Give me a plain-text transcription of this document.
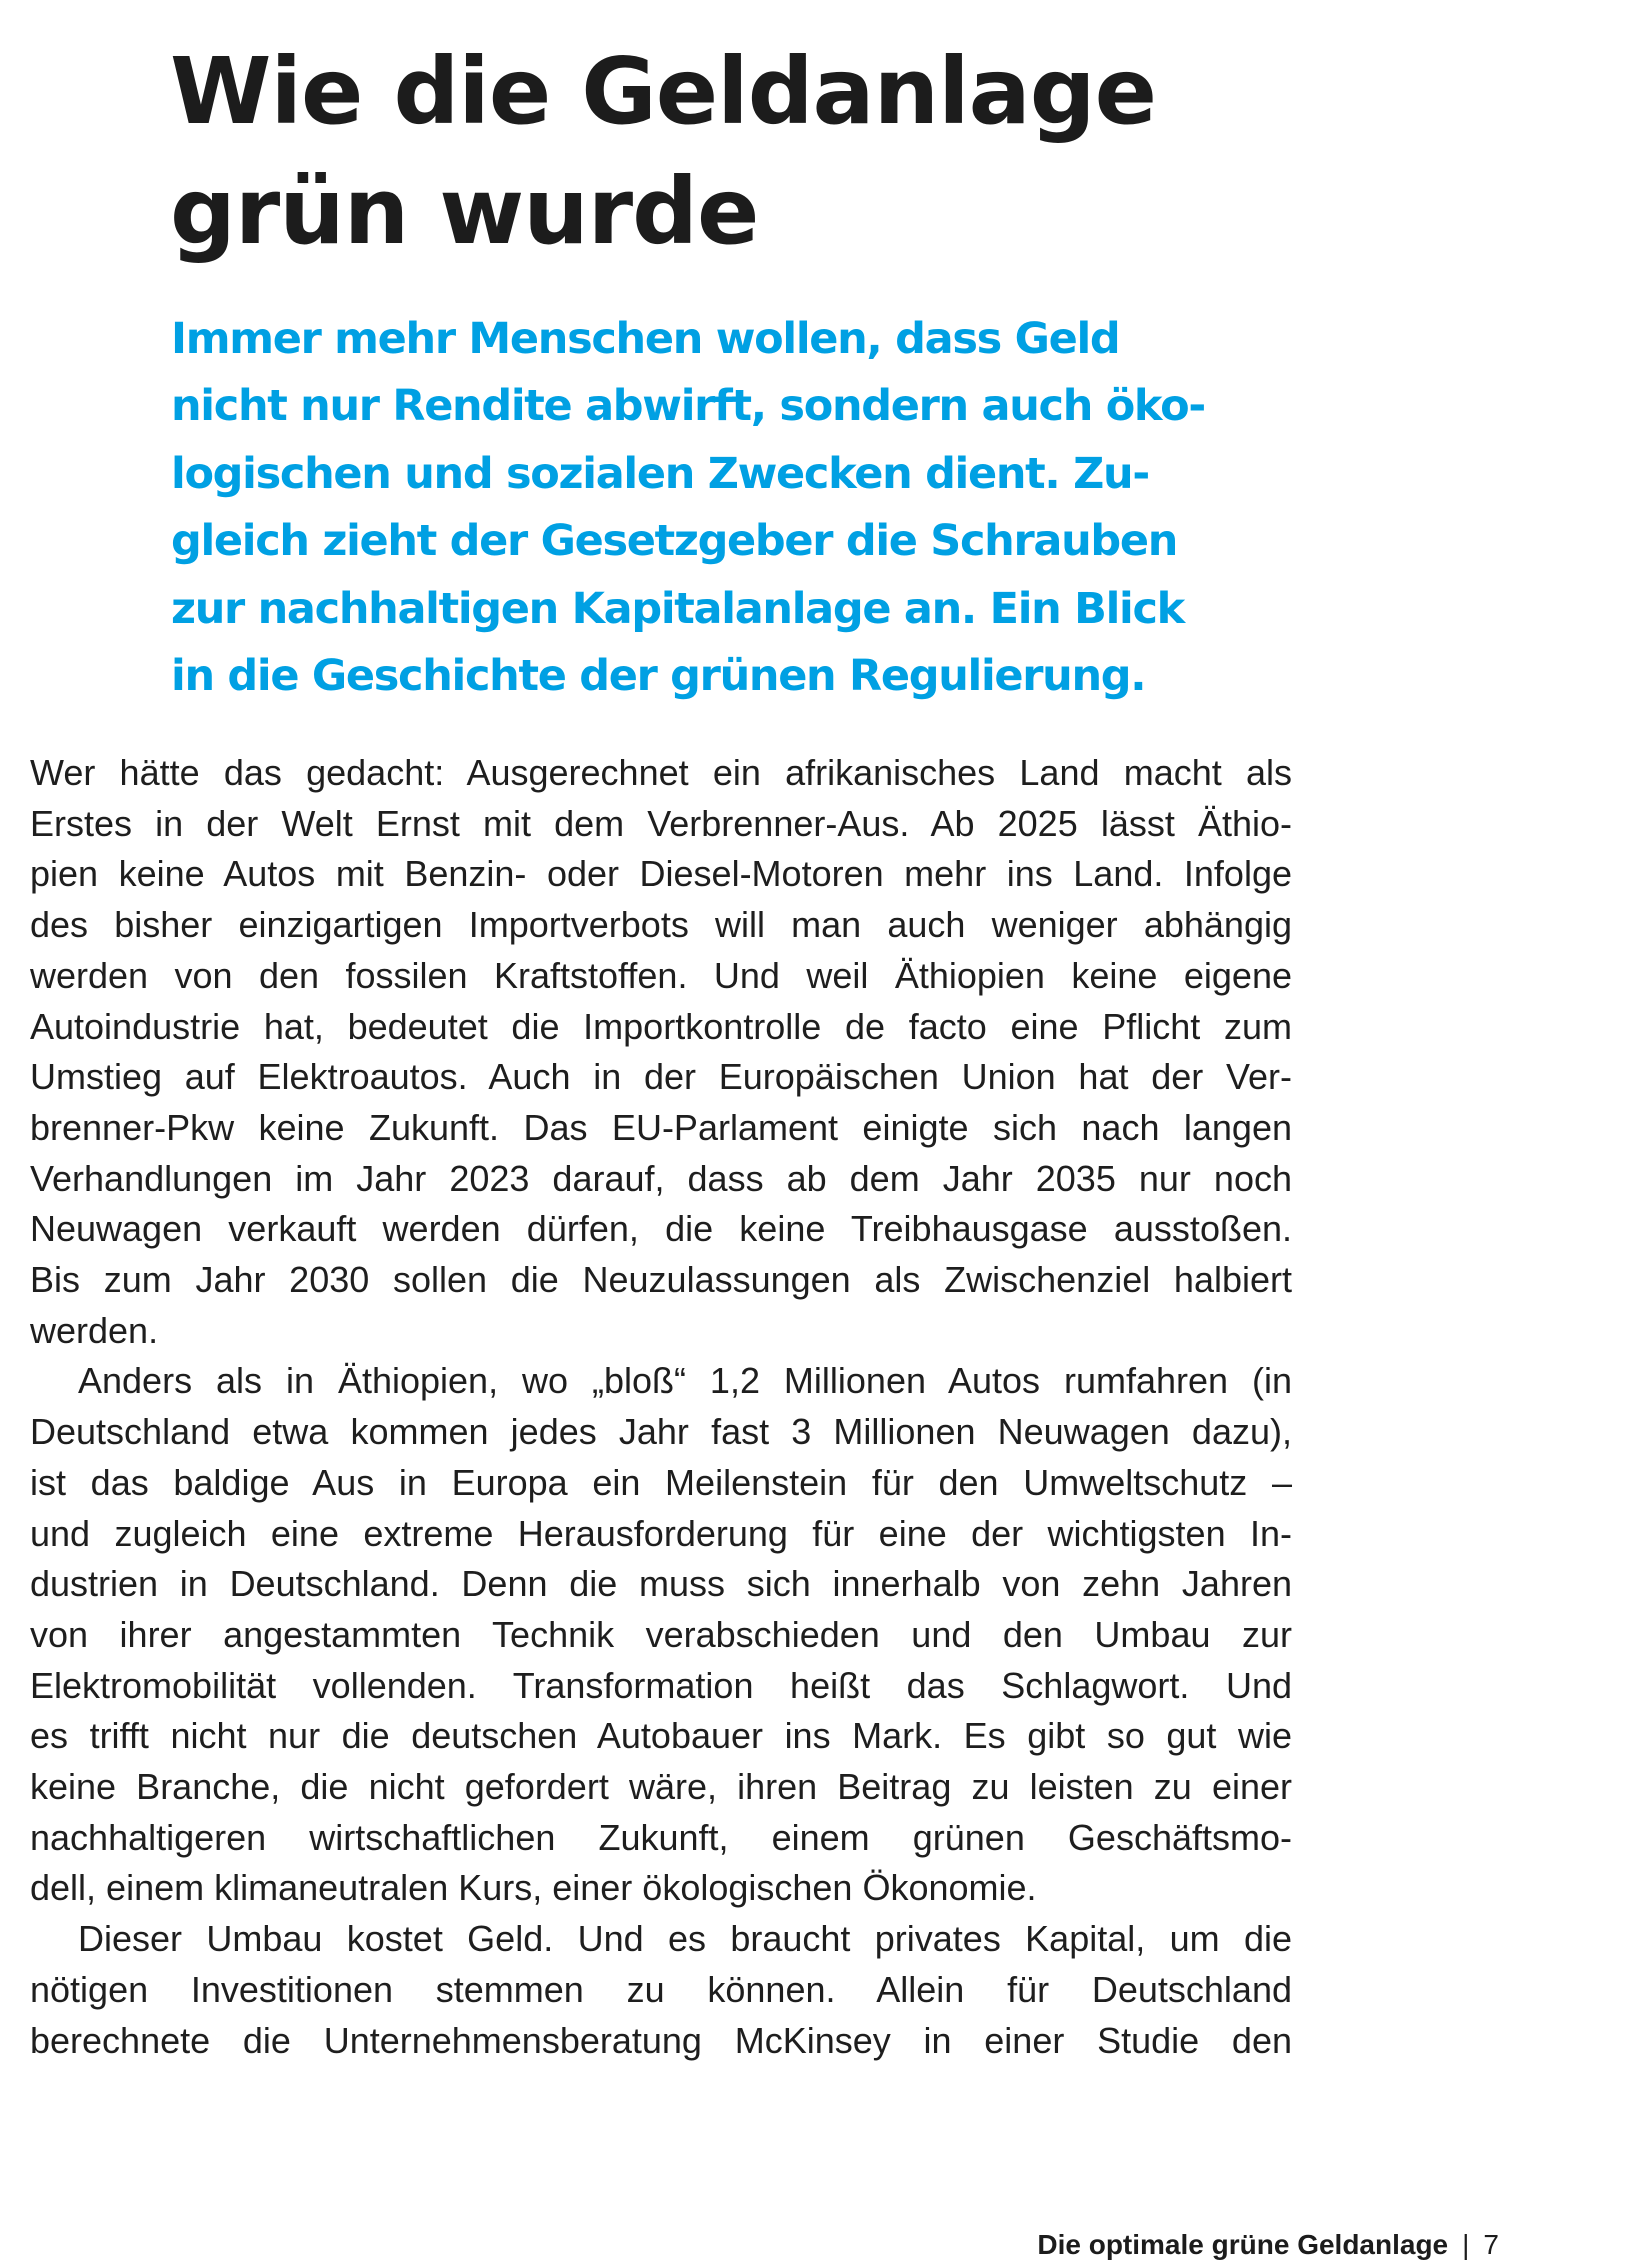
Wie die Geldanlage
grün wurde
Immer mehr Menschen wollen, dass Geld
nicht nur Rendite abwirft, sondern auch öko-
logischen und sozialen Zwecken dient. Zu-
gleich zieht der Gesetzgeber die Schrauben
zur nachhaltigen Kapitalanlage an. Ein Blick
in die Geschichte der grünen Regulierung.
Wer hätte das gedacht: Ausgerechnet ein afrikanisches Land macht als
Erstes in der Welt Ernst mit dem Verbrenner-Aus. Ab 2025 lässt Äthio-
pien keine Autos mit Benzin- oder Diesel-Motoren mehr ins Land. Infolge
des bisher einzigartigen Importverbots will man auch weniger abhängig
werden von den fossilen Kraftstoffen. Und weil Äthiopien keine eigene
Autoindustrie hat, bedeutet die Importkontrolle de facto eine Pflicht zum
Umstieg auf Elektroautos. Auch in der Europäischen Union hat der Ver-
brenner-Pkw keine Zukunft. Das EU-Parlament einigte sich nach langen
Verhandlungen im Jahr 2023 darauf, dass ab dem Jahr 2035 nur noch
Neuwagen verkauft werden dürfen, die keine Treibhausgase ausstoßen.
Bis zum Jahr 2030 sollen die Neuzulassungen als Zwischenziel halbiert
werden.
Anders als in Äthiopien, wo „bloß“ 1,2 Millionen Autos rumfahren (in
Deutschland etwa kommen jedes Jahr fast 3 Millionen Neuwagen dazu),
ist das baldige Aus in Europa ein Meilenstein für den Umweltschutz –
und zugleich eine extreme Herausforderung für eine der wichtigsten In-
dustrien in Deutschland. Denn die muss sich innerhalb von zehn Jahren
von ihrer angestammten Technik verabschieden und den Umbau zur
Elektromobilität vollenden. Transformation heißt das Schlagwort. Und
es trifft nicht nur die deutschen Autobauer ins Mark. Es gibt so gut wie
keine Branche, die nicht gefordert wäre, ihren Beitrag zu leisten zu einer
nachhaltigeren wirtschaftlichen Zukunft, einem grünen Geschäftsmo-
dell, einem klimaneutralen Kurs, einer ökologischen Ökonomie.
Dieser Umbau kostet Geld. Und es braucht privates Kapital, um die
nötigen Investitionen stemmen zu können. Allein für Deutschland
berechnete die Unternehmensberatung McKinsey in einer Studie den
Die optimale grüne Geldanlage | 7
